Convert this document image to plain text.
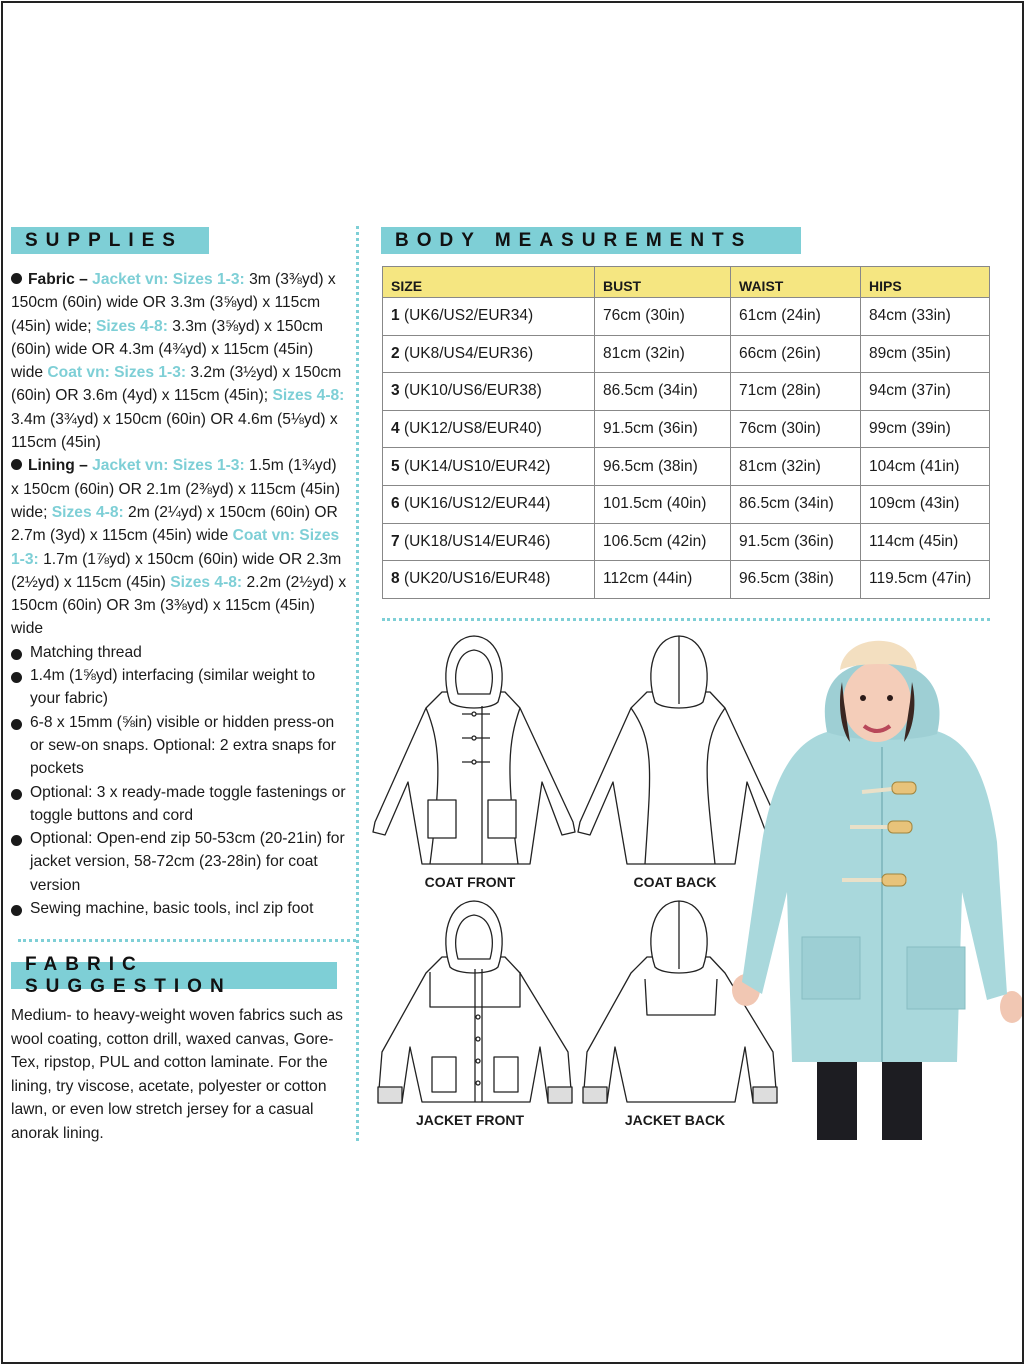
SUPPLIES
Fabric – Jacket vn: Sizes 1-3: 3m (3⅜yd) x 150cm (60in) wide OR 3.3m (3⅝yd) x 115cm (45in) wide; Sizes 4-8: 3.3m (3⅝yd) x 150cm (60in) wide OR 4.3m (4¾yd) x 115cm (45in) wide Coat vn: Sizes 1-3: 3.2m (3½yd) x 150cm (60in) OR 3.6m (4yd) x 115cm (45in); Sizes 4-8: 3.4m (3¾yd) x 150cm (60in) OR 4.6m (5⅛yd) x 115cm (45in)
Lining – Jacket vn: Sizes 1-3: 1.5m (1¾yd) x 150cm (60in) OR 2.1m (2⅜yd) x 115cm (45in) wide; Sizes 4-8: 2m (2¼yd) x 150cm (60in) OR 2.7m (3yd) x 115cm (45in) wide Coat vn: Sizes 1-3: 1.7m (1⅞yd) x 150cm (60in) wide OR 2.3m (2½yd) x 115cm (45in) Sizes 4-8: 2.2m (2½yd) x 150cm (60in) OR 3m (3⅜yd) x 115cm (45in) wide
Matching thread
1.4m (1⅝yd) interfacing (similar weight to your fabric)
6-8 x 15mm (⅝in) visible or hidden press-on or sew-on snaps. Optional: 2 extra snaps for pockets
Optional: 3 x ready-made toggle fastenings or toggle buttons and cord
Optional: Open-end zip 50-53cm (20-21in) for jacket version, 58-72cm (23-28in) for coat version
Sewing machine, basic tools, incl zip foot
FABRIC SUGGESTION
Medium- to heavy-weight woven fabrics such as wool coating, cotton drill, waxed canvas, Gore-Tex, ripstop, PUL and cotton laminate. For the lining, try viscose, acetate, polyester or cotton lawn, or even low stretch jersey for a casual anorak lining.
BODY MEASUREMENTS
SIZE	BUST	WAIST	HIPS
1 (UK6/US2/EUR34)	76cm (30in)	61cm (24in)	84cm (33in)
2 (UK8/US4/EUR36)	81cm (32in)	66cm (26in)	89cm (35in)
3 (UK10/US6/EUR38)	86.5cm (34in)	71cm (28in)	94cm (37in)
4 (UK12/US8/EUR40)	91.5cm (36in)	76cm (30in)	99cm (39in)
5 (UK14/US10/EUR42)	96.5cm (38in)	81cm (32in)	104cm (41in)
6 (UK16/US12/EUR44)	101.5cm (40in)	86.5cm (34in)	109cm (43in)
7 (UK18/US14/EUR46)	106.5cm (42in)	91.5cm (36in)	114cm (45in)
8 (UK20/US16/EUR48)	112cm (44in)	96.5cm (38in)	119.5cm (47in)
COAT FRONT	COAT BACK
JACKET FRONT	JACKET BACK
